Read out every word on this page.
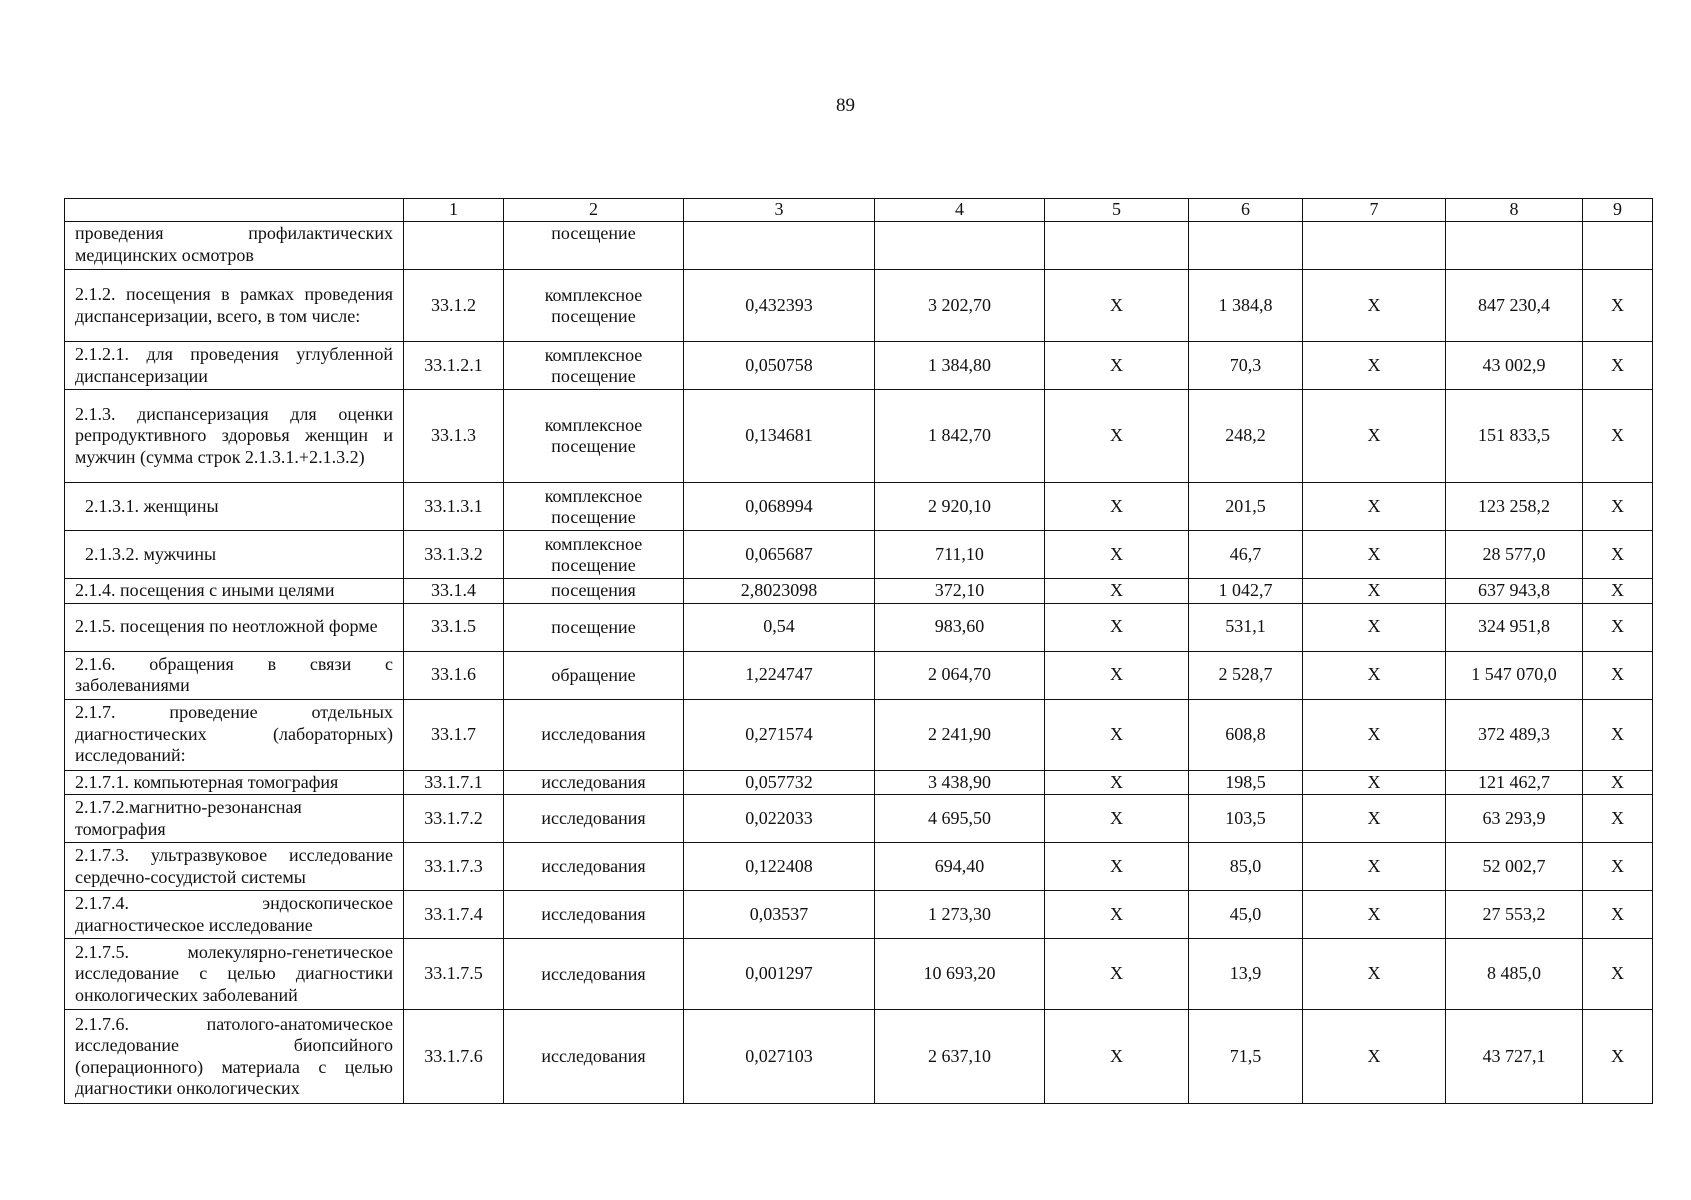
89
	1	2	3	4	5	6	7	8	9
проведения профилактических медицинских осмотров		посещение							
2.1.2. посещения в рамках проведения диспансеризации, всего, в том числе:	33.1.2	комплексное посещение	0,432393	3 202,70	Х	1 384,8	Х	847 230,4	Х
2.1.2.1. для проведения углубленной диспансеризации	33.1.2.1	комплексное посещение	0,050758	1 384,80	Х	70,3	Х	43 002,9	Х
2.1.3. диспансеризация для оценки репродуктивного здоровья женщин и мужчин (сумма строк 2.1.3.1.+2.1.3.2)	33.1.3	комплексное посещение	0,134681	1 842,70	Х	248,2	Х	151 833,5	Х
2.1.3.1. женщины	33.1.3.1	комплексное посещение	0,068994	2 920,10	Х	201,5	Х	123 258,2	Х
2.1.3.2. мужчины	33.1.3.2	комплексное посещение	0,065687	711,10	Х	46,7	Х	28 577,0	Х
2.1.4. посещения с иными целями	33.1.4	посещения	2,8023098	372,10	Х	1 042,7	Х	637 943,8	Х
2.1.5. посещения по неотложной форме	33.1.5	посещение	0,54	983,60	Х	531,1	Х	324 951,8	Х
2.1.6. обращения в связи с заболеваниями	33.1.6	обращение	1,224747	2 064,70	Х	2 528,7	Х	1 547 070,0	Х
2.1.7. проведение отдельных диагностических (лабораторных) исследований:	33.1.7	исследования	0,271574	2 241,90	Х	608,8	Х	372 489,3	Х
2.1.7.1. компьютерная томография	33.1.7.1	исследования	0,057732	3 438,90	Х	198,5	Х	121 462,7	Х
2.1.7.2.магнитно-резонансная томография	33.1.7.2	исследования	0,022033	4 695,50	Х	103,5	Х	63 293,9	Х
2.1.7.3. ультразвуковое исследование сердечно-сосудистой системы	33.1.7.3	исследования	0,122408	694,40	Х	85,0	Х	52 002,7	Х
2.1.7.4. эндоскопическое диагностическое исследование	33.1.7.4	исследования	0,03537	1 273,30	Х	45,0	Х	27 553,2	Х
2.1.7.5. молекулярно-генетическое исследование с целью диагностики онкологических заболеваний	33.1.7.5	исследования	0,001297	10 693,20	Х	13,9	Х	8 485,0	Х
2.1.7.6. патолого-анатомическое исследование биопсийного (операционного) материала с целью диагностики онкологических	33.1.7.6	исследования	0,027103	2 637,10	Х	71,5	Х	43 727,1	Х
